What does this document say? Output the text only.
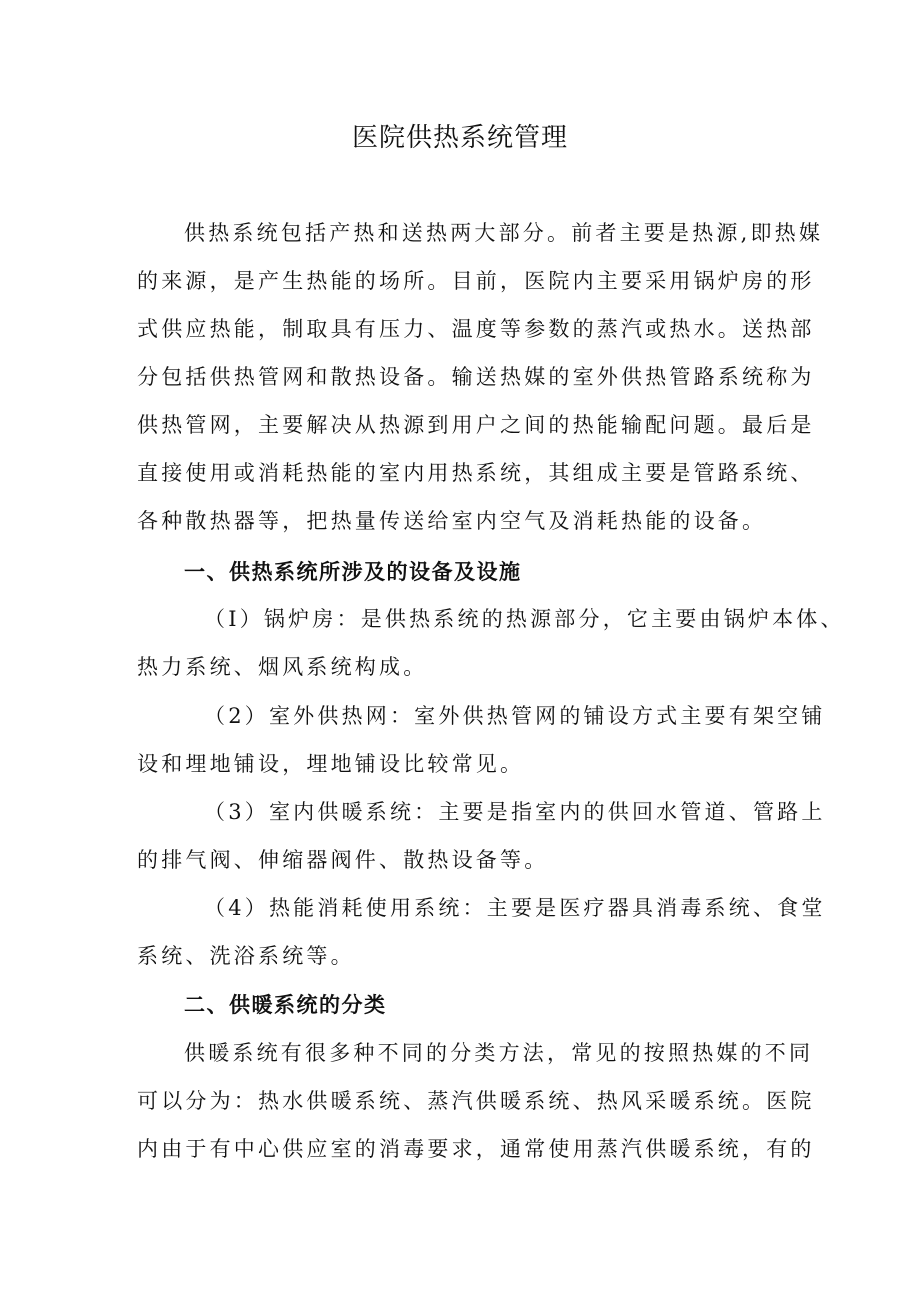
医院供热系统管理
供热系统包括产热和送热两大部分。前者主要是热源,即热媒
的来源，是产生热能的场所。目前，医院内主要采用锅炉房的形
式供应热能，制取具有压力、温度等参数的蒸汽或热水。送热部
分包括供热管网和散热设备。输送热媒的室外供热管路系统称为
供热管网，主要解决从热源到用户之间的热能输配问题。最后是
直接使用或消耗热能的室内用热系统，其组成主要是管路系统、
各种散热器等，把热量传送给室内空气及消耗热能的设备。
一、供热系统所涉及的设备及设施
（I）锅炉房：是供热系统的热源部分，它主要由锅炉本体、
热力系统、烟风系统构成。
（2）室外供热网：室外供热管网的铺设方式主要有架空铺
设和埋地铺设，埋地铺设比较常见。
（3）室内供暖系统：主要是指室内的供回水管道、管路上
的排气阀、伸缩器阀件、散热设备等。
（4）热能消耗使用系统：主要是医疗器具消毒系统、食堂
系统、洗浴系统等。
二、供暖系统的分类
供暖系统有很多种不同的分类方法，常见的按照热媒的不同
可以分为：热水供暖系统、蒸汽供暖系统、热风采暖系统。医院
内由于有中心供应室的消毒要求，通常使用蒸汽供暖系统，有的
